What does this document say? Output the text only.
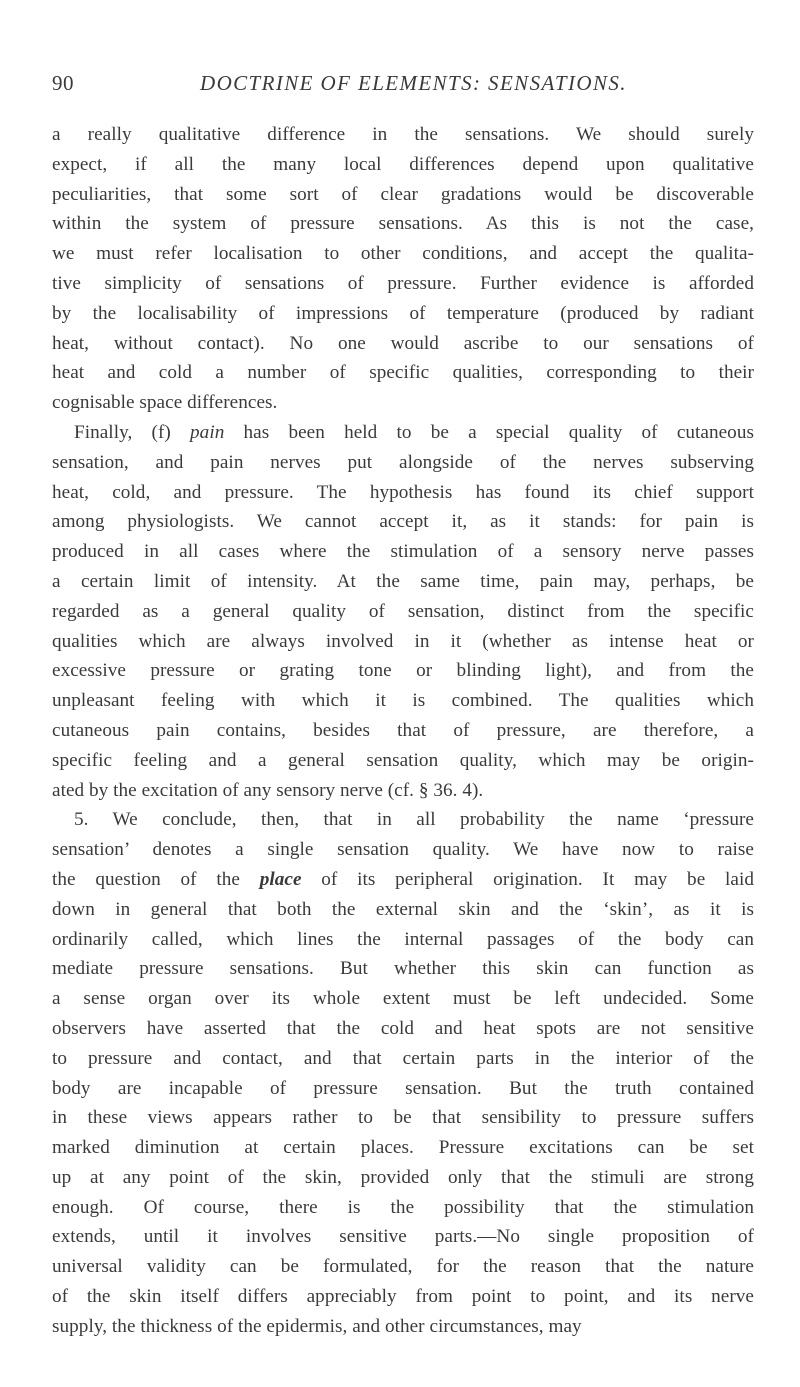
90	DOCTRINE OF ELEMENTS: SENSATIONS.
a really qualitative difference in the sensations. We should surely
expect, if all the many local differences depend upon qualitative
peculiarities, that some sort of clear gradations would be discoverable
within the system of pressure sensations. As this is not the case,
we must refer localisation to other conditions, and accept the qualita-
tive simplicity of sensations of pressure. Further evidence is afforded
by the localisability of impressions of temperature (produced by radiant
heat, without contact). No one would ascribe to our sensations of
heat and cold a number of specific qualities, corresponding to their
cognisable space differences.
Finally, (f) pain has been held to be a special quality of cutaneous
sensation, and pain nerves put alongside of the nerves subserving
heat, cold, and pressure. The hypothesis has found its chief support
among physiologists. We cannot accept it, as it stands: for pain is
produced in all cases where the stimulation of a sensory nerve passes
a certain limit of intensity. At the same time, pain may, perhaps, be
regarded as a general quality of sensation, distinct from the specific
qualities which are always involved in it (whether as intense heat or
excessive pressure or grating tone or blinding light), and from the
unpleasant feeling with which it is combined. The qualities which
cutaneous pain contains, besides that of pressure, are therefore, a
specific feeling and a general sensation quality, which may be origin-
ated by the excitation of any sensory nerve (cf. § 36. 4).
5. We conclude, then, that in all probability the name ‘pressure
sensation’ denotes a single sensation quality. We have now to raise
the question of the place of its peripheral origination. It may be laid
down in general that both the external skin and the ‘skin’, as it is
ordinarily called, which lines the internal passages of the body can
mediate pressure sensations. But whether this skin can function as
a sense organ over its whole extent must be left undecided. Some
observers have asserted that the cold and heat spots are not sensitive
to pressure and contact, and that certain parts in the interior of the
body are incapable of pressure sensation. But the truth contained
in these views appears rather to be that sensibility to pressure suffers
marked diminution at certain places. Pressure excitations can be set
up at any point of the skin, provided only that the stimuli are strong
enough. Of course, there is the possibility that the stimulation
extends, until it involves sensitive parts.—No single proposition of
universal validity can be formulated, for the reason that the nature
of the skin itself differs appreciably from point to point, and its nerve
supply, the thickness of the epidermis, and other circumstances, may
